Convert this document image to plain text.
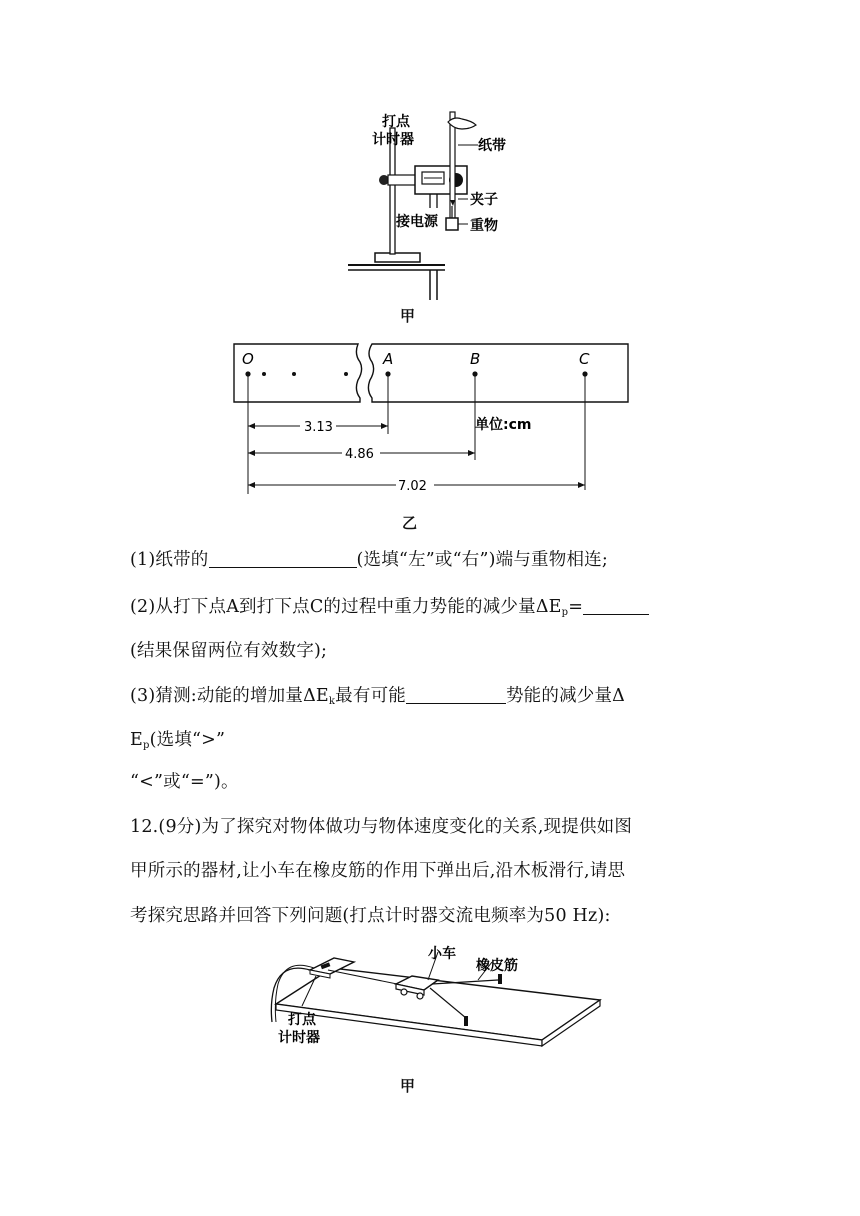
打点
计时器	纸带
夹子
接电源 重物
甲
O	A	B	C
3.13
4.86
7.02
单位:cm
乙
(1)纸带的	(选填“左”或“右”)端与重物相连;
(2)从打下点A到打下点C的过程中重力势能的减少量$\Delta E_p=$
(结果保留两位有效数字);
(3)猜测:动能的增加量$\Delta E_k$最有可能	势能的减少量Δ
$E_p$(选填“>”
“<”或“=”)。
12.(9分)为了探究对物体做功与物体速度变化的关系,现提供如图
甲所示的器材,让小车在橡皮筋的作用下弹出后,沿木板滑行,请思
考探究思路并回答下列问题(打点计时器交流电频率为50 Hz):
小车
橡皮筋
打点
计时器
甲
